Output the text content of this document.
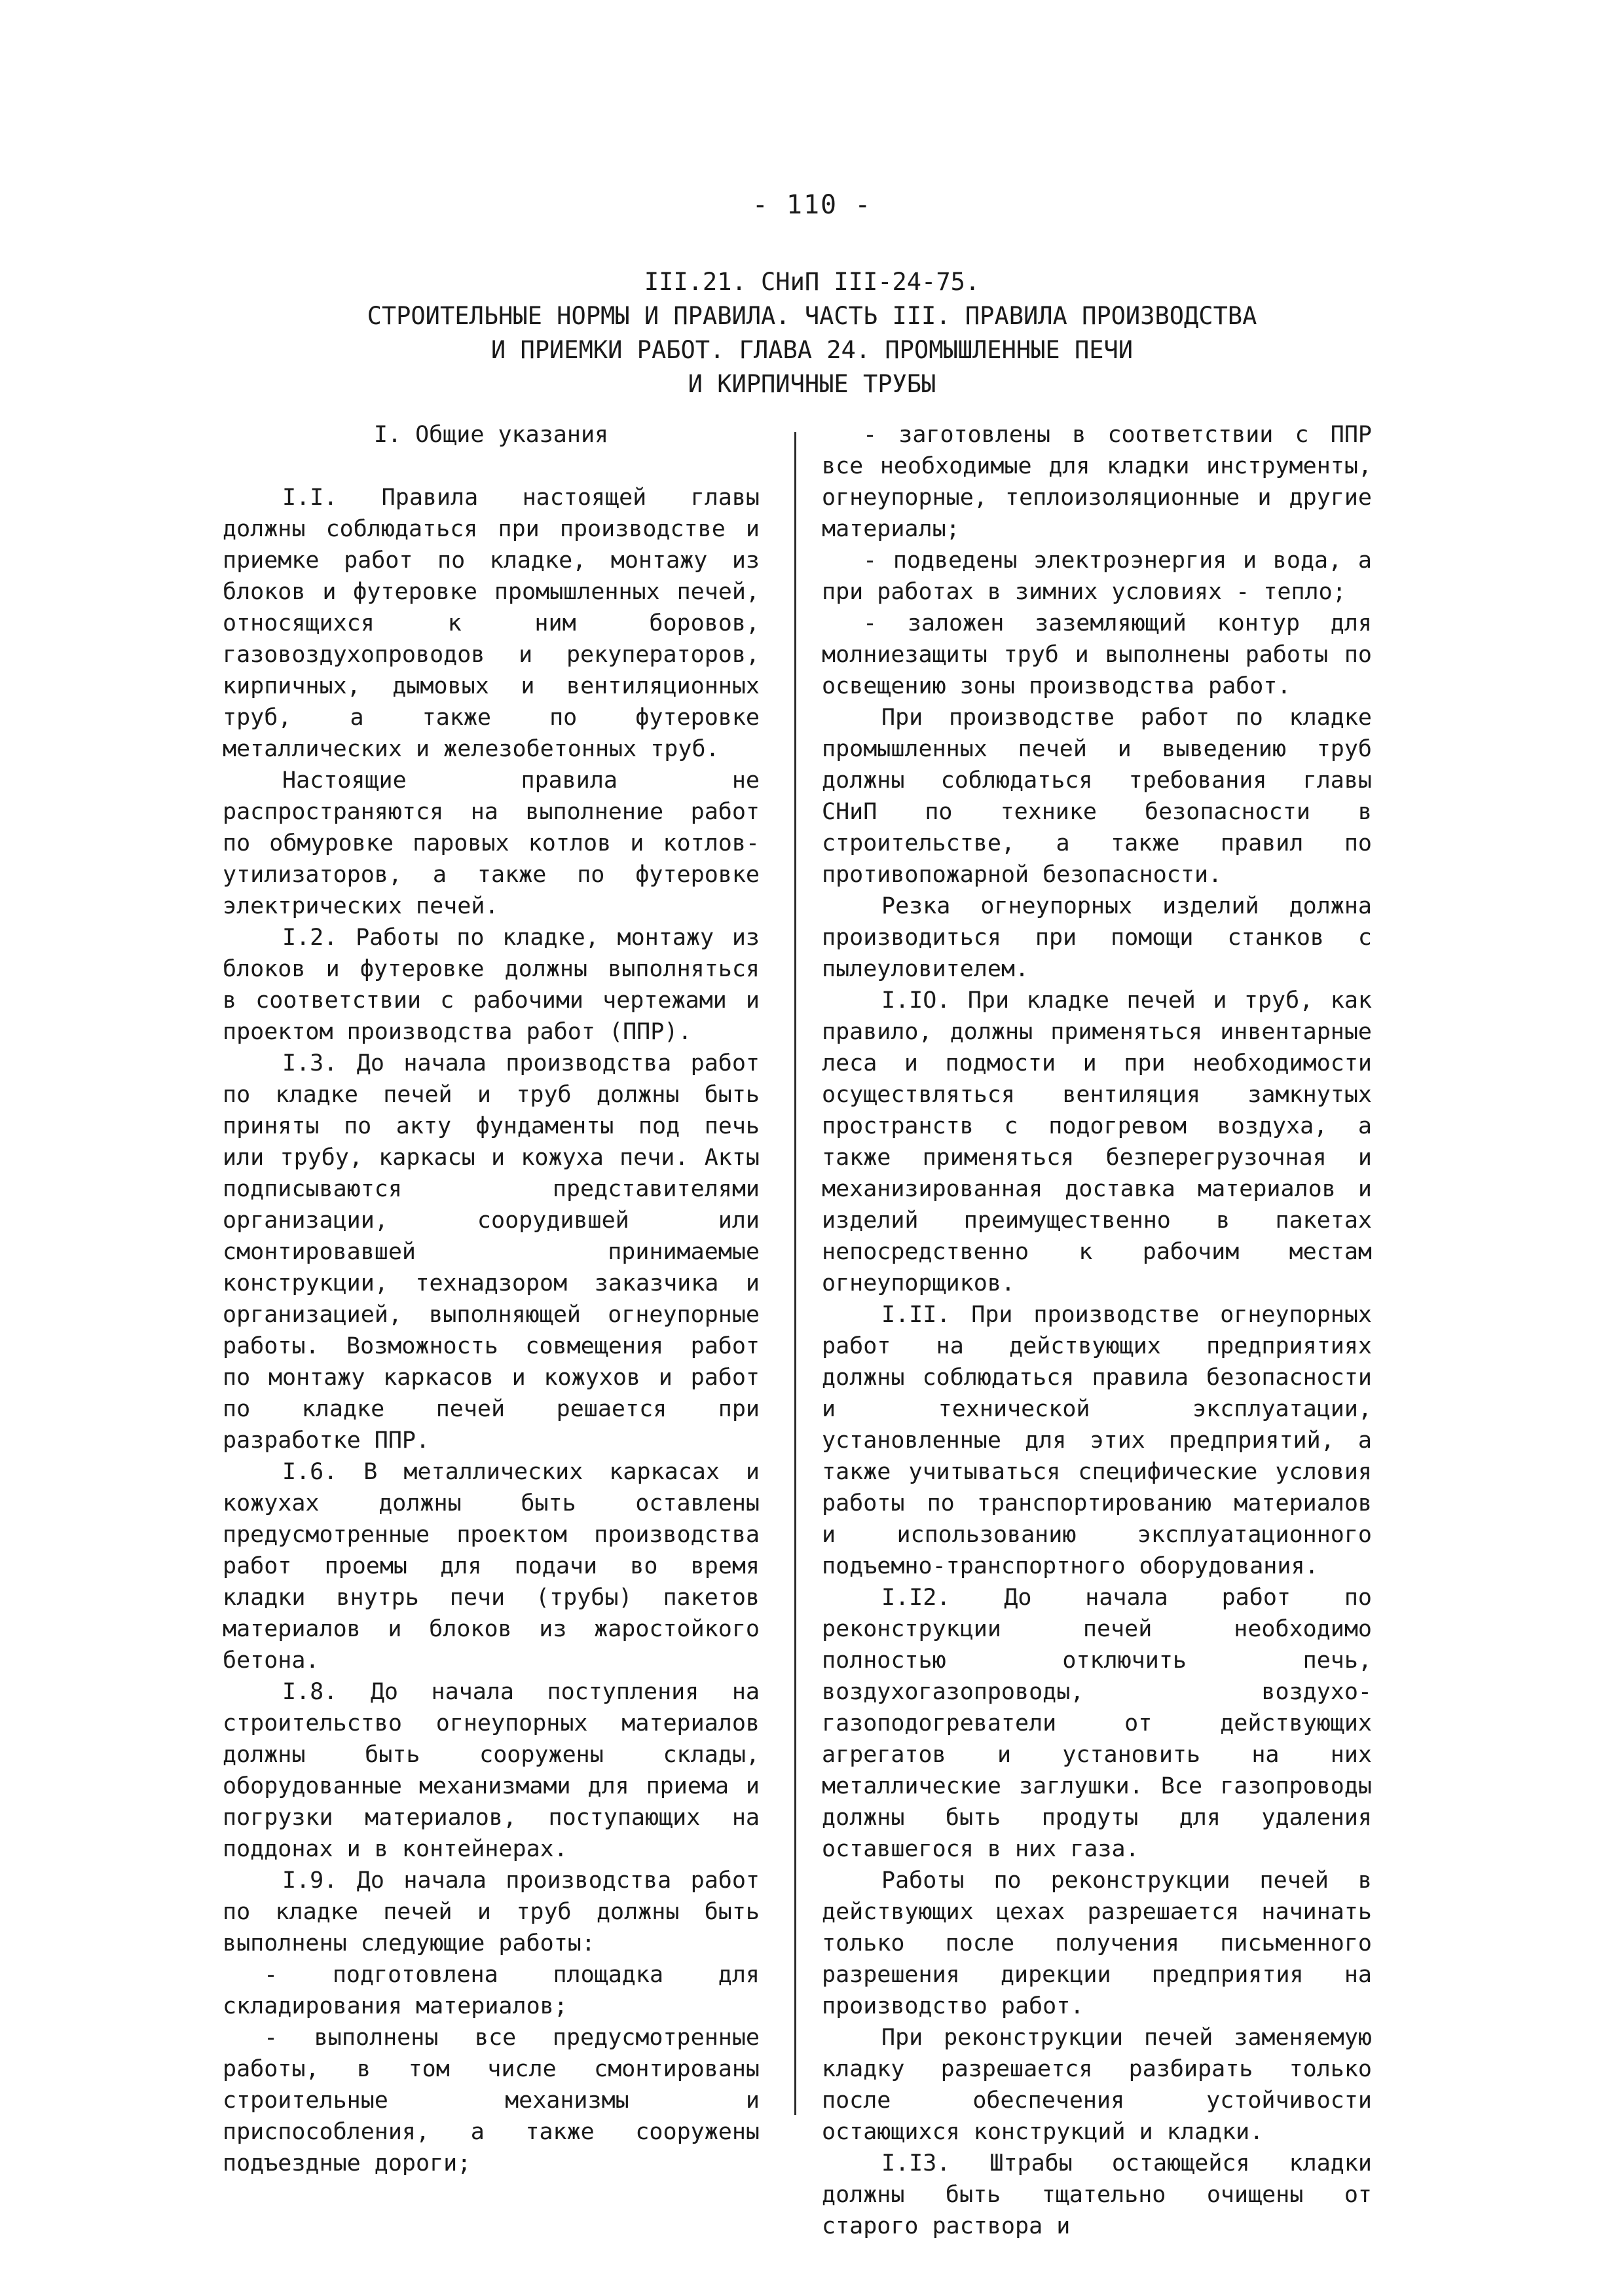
- 110 -
III.21. СНиП III-24-75.
СТРОИТЕЛЬНЫЕ НОРМЫ И ПРАВИЛА. ЧАСТЬ III. ПРАВИЛА ПРОИЗВОДСТВА
И ПРИЕМКИ РАБОТ. ГЛАВА 24. ПРОМЫШЛЕННЫЕ ПЕЧИ
И КИРПИЧНЫЕ ТРУБЫ
I. Общие указания

I.I. Правила настоящей главы должны соблюдаться при производстве и приемке работ по кладке, монтажу из блоков и футеровке промышленных печей, относящихся к ним боровов, газовоздухопроводов и рекуператоров, кирпичных, дымовых и вентиляционных труб, а также по футеровке металлических и железобетонных труб.

Настоящие правила не распространяются на выполнение работ по обмуровке паровых котлов и котлов-утилизаторов, а также по футеровке электрических печей.

I.2. Работы по кладке, монтажу из блоков и футеровке должны выполняться в соответствии с рабочими чертежами и проектом производства работ (ППР).

I.3. До начала производства работ по кладке печей и труб должны быть приняты по акту фундаменты под печь или трубу, каркасы и кожуха печи. Акты подписываются представителями организации, соорудившей или смонтировавшей принимаемые конструкции, технадзором заказчика и организацией, выполняющей огнеупорные работы. Возможность совмещения работ по монтажу каркасов и кожухов и работ по кладке печей решается при разработке ППР.

I.6. В металлических каркасах и кожухах должны быть оставлены предусмотренные проектом производства работ проемы для подачи во время кладки внутрь печи (трубы) пакетов материалов и блоков из жаростойкого бетона.

I.8. До начала поступления на строительство огнеупорных материалов должны быть сооружены склады, оборудованные механизмами для приема и погрузки материалов, поступающих на поддонах и в контейнерах.

I.9. До начала производства работ по кладке печей и труб должны быть выполнены следующие работы:

- подготовлена площадка для складирования материалов;

- выполнены все предусмотренные работы, в том числе смонтированы строительные механизмы и приспособления, а также сооружены подъездные дороги;

- заготовлены в соответствии с ППР все необходимые для кладки инструменты, огнеупорные, теплоизоляционные и другие материалы;

- подведены электроэнергия и вода, а при работах в зимних условиях - тепло;

- заложен заземляющий контур для молниезащиты труб и выполнены работы по освещению зоны производства работ.

При производстве работ по кладке промышленных печей и выведению труб должны соблюдаться требования главы СНиП по технике безопасности в строительстве, а также правил по противопожарной безопасности.

Резка огнеупорных изделий должна производиться при помощи станков с пылеуловителем.

I.IO. При кладке печей и труб, как правило, должны применяться инвентарные леса и подмости и при необходимости осуществляться вентиляция замкнутых пространств с подогревом воздуха, а также применяться безперегрузочная и механизированная доставка материалов и изделий преимущественно в пакетах непосредственно к рабочим местам огнеупорщиков.

I.II. При производстве огнеупорных работ на действующих предприятиях должны соблюдаться правила безопасности и технической эксплуатации, установленные для этих предприятий, а также учитываться специфические условия работы по транспортированию материалов и использованию эксплуатационного подъемно-транспортного оборудования.

I.I2. До начала работ по реконструкции печей необходимо полностью отключить печь, воздухогазопроводы, воздухо-газоподогреватели от действующих агрегатов и установить на них металлические заглушки. Все газопроводы должны быть продуты для удаления оставшегося в них газа.

Работы по реконструкции печей в действующих цехах разрешается начинать только после получения письменного разрешения дирекции предприятия на производство работ.

При реконструкции печей заменяемую кладку разрешается разбирать только после обеспечения устойчивости остающихся конструкций и кладки.

I.I3. Штрабы остающейся кладки должны быть тщательно очищены от старого раствора и
